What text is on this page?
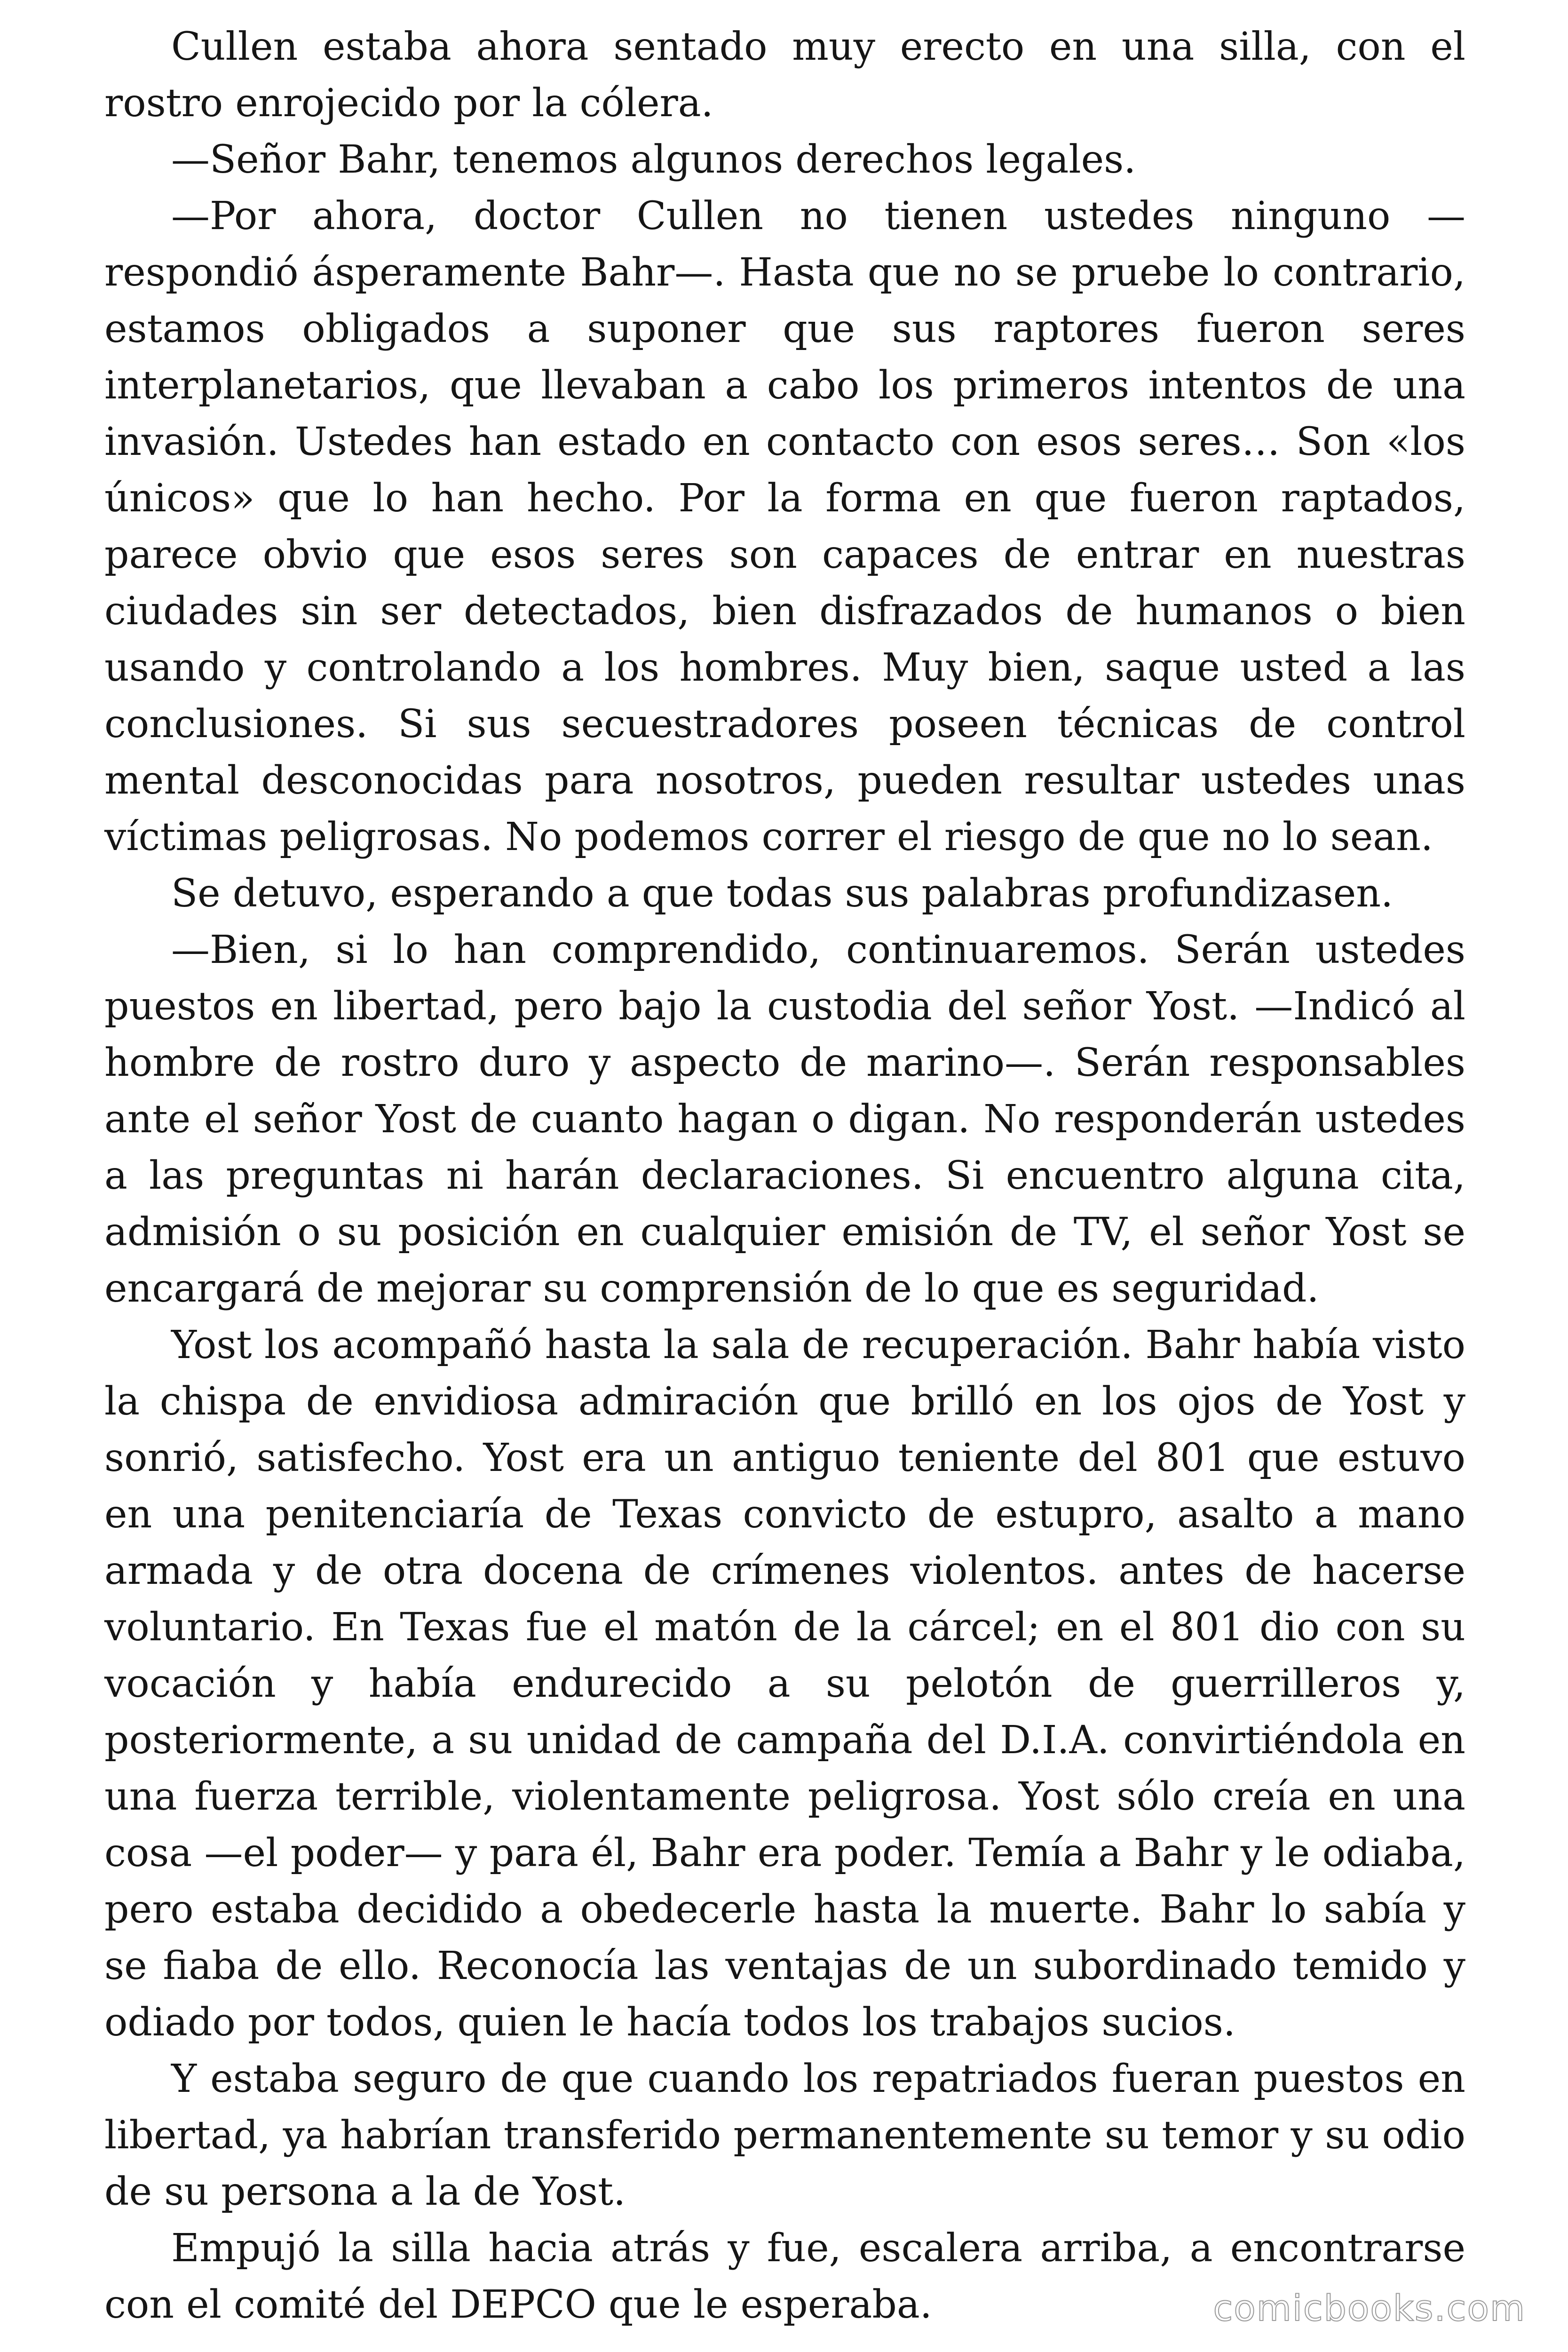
Cullen estaba ahora sentado muy erecto en una silla, con el rostro enrojecido por la cólera.

—Señor Bahr, tenemos algunos derechos legales.

—Por ahora, doctor Cullen no tienen ustedes ninguno —respondió ásperamente Bahr—. Hasta que no se pruebe lo contrario, estamos obligados a suponer que sus raptores fueron seres interplanetarios, que llevaban a cabo los primeros intentos de una invasión. Ustedes han estado en contacto con esos seres… Son «los únicos» que lo han hecho. Por la forma en que fueron raptados, parece obvio que esos seres son capaces de entrar en nuestras ciudades sin ser detectados, bien disfrazados de humanos o bien usando y controlando a los hombres. Muy bien, saque usted a las conclusiones. Si sus secuestradores poseen técnicas de control mental desconocidas para nosotros, pueden resultar ustedes unas víctimas peligrosas. No podemos correr el riesgo de que no lo sean.

Se detuvo, esperando a que todas sus palabras profundizasen.

—Bien, si lo han comprendido, continuaremos. Serán ustedes puestos en libertad, pero bajo la custodia del señor Yost. —Indicó al hombre de rostro duro y aspecto de marino—. Serán responsables ante el señor Yost de cuanto hagan o digan. No responderán ustedes a las preguntas ni harán declaraciones. Si encuentro alguna cita, admisión o su posición en cualquier emisión de TV, el señor Yost se encargará de mejorar su comprensión de lo que es seguridad.

Yost los acompañó hasta la sala de recuperación. Bahr había visto la chispa de envidiosa admiración que brilló en los ojos de Yost y sonrió, satisfecho. Yost era un antiguo teniente del 801 que estuvo en una penitenciaría de Texas convicto de estupro, asalto a mano armada y de otra docena de crímenes violentos. antes de hacerse voluntario. En Texas fue el matón de la cárcel; en el 801 dio con su vocación y había endurecido a su pelotón de guerrilleros y, posteriormente, a su unidad de campaña del D.I.A. convirtiéndola en una fuerza terrible, violentamente peligrosa. Yost sólo creía en una cosa —el poder— y para él, Bahr era poder. Temía a Bahr y le odiaba, pero estaba decidido a obedecerle hasta la muerte. Bahr lo sabía y se fiaba de ello. Reconocía las ventajas de un subordinado temido y odiado por todos, quien le hacía todos los trabajos sucios.

Y estaba seguro de que cuando los repatriados fueran puestos en libertad, ya habrían transferido permanentemente su temor y su odio de su persona a la de Yost.

Empujó la silla hacia atrás y fue, escalera arriba, a encontrarse con el comité del DEPCO que le esperaba.	comicbooks.com
